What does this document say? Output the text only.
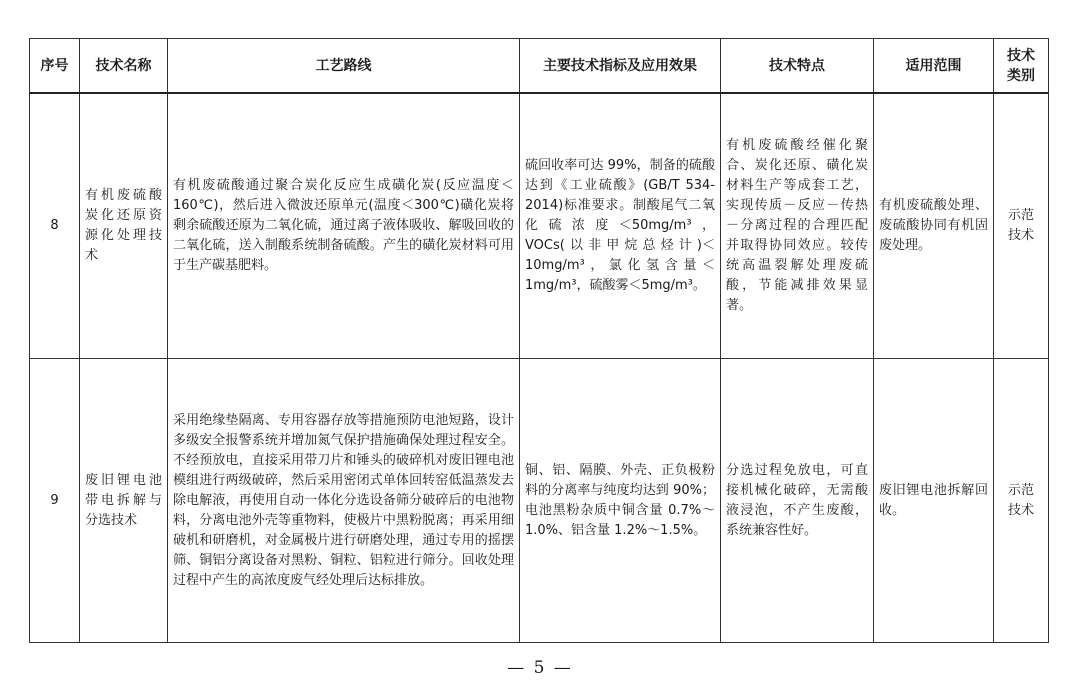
序号	技术名称	工艺路线	主要技术指标及应用效果	技术特点	适用范围	技术
类别

8	有机废硫酸炭化还原资源化处理技术	有机废硫酸通过聚合炭化反应生成磺化炭(反应温度＜160℃)，然后进入微波还原单元(温度＜300℃)磺化炭将剩余硫酸还原为二氧化硫，通过离子液体吸收、解吸回收的二氧化硫，送入制酸系统制备硫酸。产生的磺化炭材料可用于生产碳基肥料。	硫回收率可达 99%，制备的硫酸达到《工业硫酸》(GB/T 534-2014)标准要求。制酸尾气二氧化硫浓度＜50mg/m³，VOCs(以非甲烷总烃计)＜10mg/m³，氯化氢含量＜1mg/m³，硫酸雾＜5mg/m³。	有机废硫酸经催化聚合、炭化还原、磺化炭材料生产等成套工艺，实现传质－反应－传热－分离过程的合理匹配并取得协同效应。较传统高温裂解处理废硫酸，节能减排效果显著。	有机废硫酸处理、废硫酸协同有机固废处理。	示范
技术

9	废旧锂电池带电拆解与分选技术	采用绝缘垫隔离、专用容器存放等措施预防电池短路，设计多级安全报警系统并增加氮气保护措施确保处理过程安全。不经预放电，直接采用带刀片和锤头的破碎机对废旧锂电池模组进行两级破碎，然后采用密闭式单体回转窑低温蒸发去除电解液，再使用自动一体化分选设备筛分破碎后的电池物料，分离电池外壳等重物料，使极片中黑粉脱离；再采用细破机和研磨机，对金属极片进行研磨处理，通过专用的摇摆筛、铜铝分离设备对黑粉、铜粒、铝粒进行筛分。回收处理过程中产生的高浓度废气经处理后达标排放。	铜、铝、隔膜、外壳、正负极粉料的分离率与纯度均达到 90%；电池黑粉杂质中铜含量 0.7%～1.0%、铝含量 1.2%～1.5%。	分选过程免放电，可直接机械化破碎，无需酸液浸泡，不产生废酸，系统兼容性好。	废旧锂电池拆解回收。	示范
技术
— 5 —
